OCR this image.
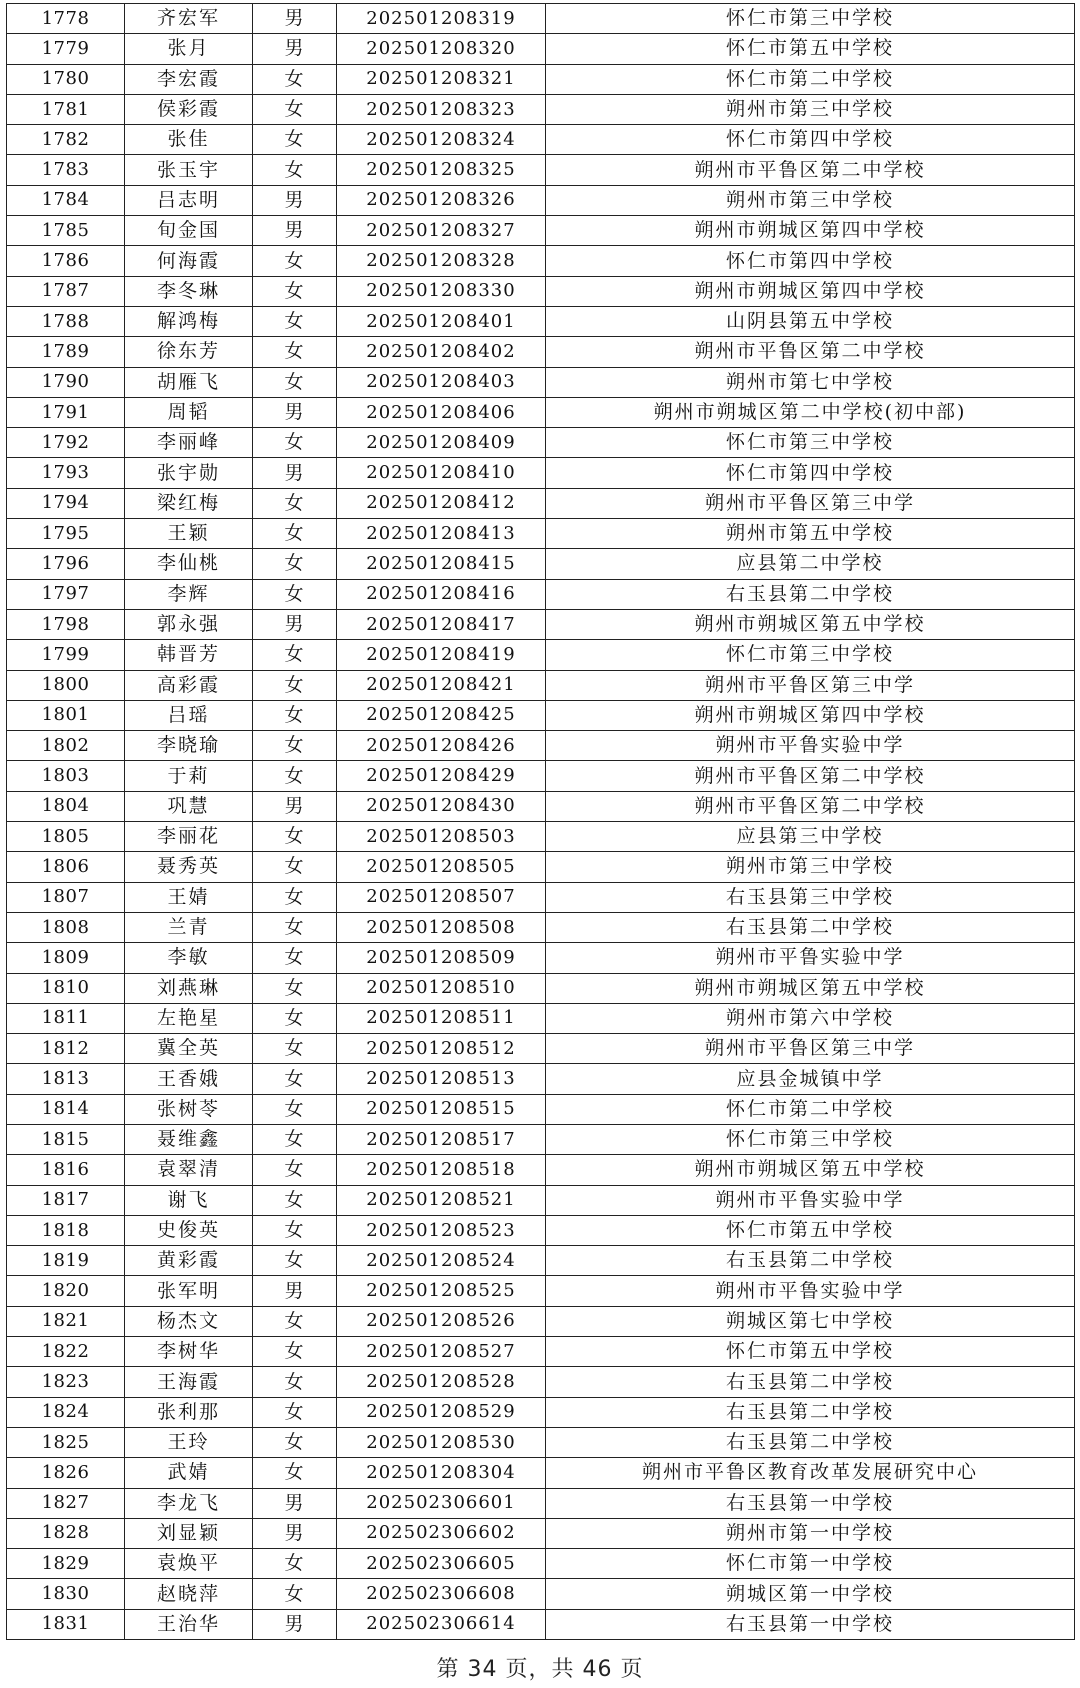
1778	齐宏军	男	202501208319	怀仁市第三中学校
1779	张月	男	202501208320	怀仁市第五中学校
1780	李宏霞	女	202501208321	怀仁市第二中学校
1781	侯彩霞	女	202501208323	朔州市第三中学校
1782	张佳	女	202501208324	怀仁市第四中学校
1783	张玉宇	女	202501208325	朔州市平鲁区第二中学校
1784	吕志明	男	202501208326	朔州市第三中学校
1785	旬金国	男	202501208327	朔州市朔城区第四中学校
1786	何海霞	女	202501208328	怀仁市第四中学校
1787	李冬琳	女	202501208330	朔州市朔城区第四中学校
1788	解鸿梅	女	202501208401	山阴县第五中学校
1789	徐东芳	女	202501208402	朔州市平鲁区第二中学校
1790	胡雁飞	女	202501208403	朔州市第七中学校
1791	周韬	男	202501208406	朔州市朔城区第二中学校(初中部)
1792	李丽峰	女	202501208409	怀仁市第三中学校
1793	张宇勋	男	202501208410	怀仁市第四中学校
1794	梁红梅	女	202501208412	朔州市平鲁区第三中学
1795	王颖	女	202501208413	朔州市第五中学校
1796	李仙桃	女	202501208415	应县第二中学校
1797	李辉	女	202501208416	右玉县第二中学校
1798	郭永强	男	202501208417	朔州市朔城区第五中学校
1799	韩晋芳	女	202501208419	怀仁市第三中学校
1800	高彩霞	女	202501208421	朔州市平鲁区第三中学
1801	吕瑶	女	202501208425	朔州市朔城区第四中学校
1802	李晓瑜	女	202501208426	朔州市平鲁实验中学
1803	于莉	女	202501208429	朔州市平鲁区第二中学校
1804	巩慧	男	202501208430	朔州市平鲁区第二中学校
1805	李丽花	女	202501208503	应县第三中学校
1806	聂秀英	女	202501208505	朔州市第三中学校
1807	王婧	女	202501208507	右玉县第三中学校
1808	兰青	女	202501208508	右玉县第二中学校
1809	李敏	女	202501208509	朔州市平鲁实验中学
1810	刘燕琳	女	202501208510	朔州市朔城区第五中学校
1811	左艳星	女	202501208511	朔州市第六中学校
1812	冀全英	女	202501208512	朔州市平鲁区第三中学
1813	王香娥	女	202501208513	应县金城镇中学
1814	张树苓	女	202501208515	怀仁市第二中学校
1815	聂维鑫	女	202501208517	怀仁市第三中学校
1816	袁翠清	女	202501208518	朔州市朔城区第五中学校
1817	谢飞	女	202501208521	朔州市平鲁实验中学
1818	史俊英	女	202501208523	怀仁市第五中学校
1819	黄彩霞	女	202501208524	右玉县第二中学校
1820	张军明	男	202501208525	朔州市平鲁实验中学
1821	杨杰文	女	202501208526	朔城区第七中学校
1822	李树华	女	202501208527	怀仁市第五中学校
1823	王海霞	女	202501208528	右玉县第二中学校
1824	张利那	女	202501208529	右玉县第二中学校
1825	王玲	女	202501208530	右玉县第二中学校
1826	武婧	女	202501208304	朔州市平鲁区教育改革发展研究中心
1827	李龙飞	男	202502306601	右玉县第一中学校
1828	刘显颖	男	202502306602	朔州市第一中学校
1829	袁焕平	女	202502306605	怀仁市第一中学校
1830	赵晓萍	女	202502306608	朔城区第一中学校
1831	王治华	男	202502306614	右玉县第一中学校
第 34 页，共 46 页
